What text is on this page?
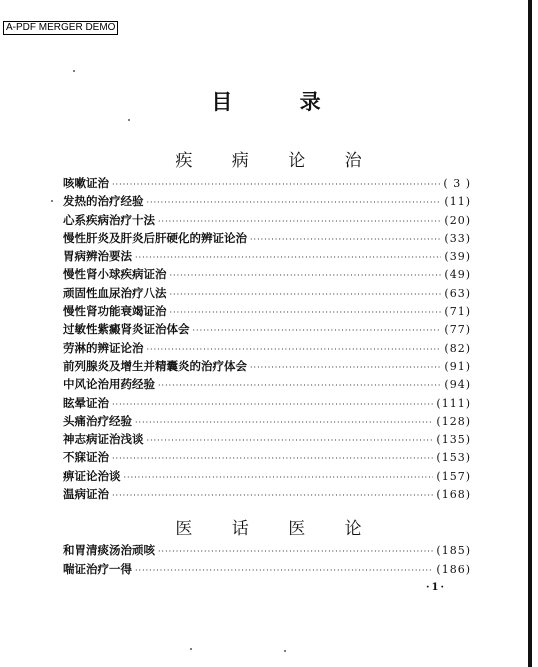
A-PDF MERGER DEMO
目 录
疾 病 论 治
咳嗽证治 ·····	( 3 )
发热的治疗经验 ·····	(11)
心系疾病治疗十法 ·····	(20)
慢性肝炎及肝炎后肝硬化的辨证论治 ·····	(33)
胃病辨治要法 ·····	(39)
慢性肾小球疾病证治 ·····	(49)
顽固性血尿治疗八法 ·····	(63)
慢性肾功能衰竭证治 ·····	(71)
过敏性紫癜肾炎证治体会 ·····	(77)
劳淋的辨证论治 ·····	(82)
前列腺炎及增生并精囊炎的治疗体会 ·····	(91)
中风论治用药经验 ·····	(94)
眩晕证治 ·····	(111)
头痛治疗经验 ·····	(128)
神志病证治浅谈 ·····	(135)
不寐证治 ·····	(153)
痹证论治谈 ·····	(157)
温病证治 ·····	(168)
医 话 医 论
和胃清痰汤治顽咳 ·····	(185)
喘证治疗一得 ·····	(186)
·1·
